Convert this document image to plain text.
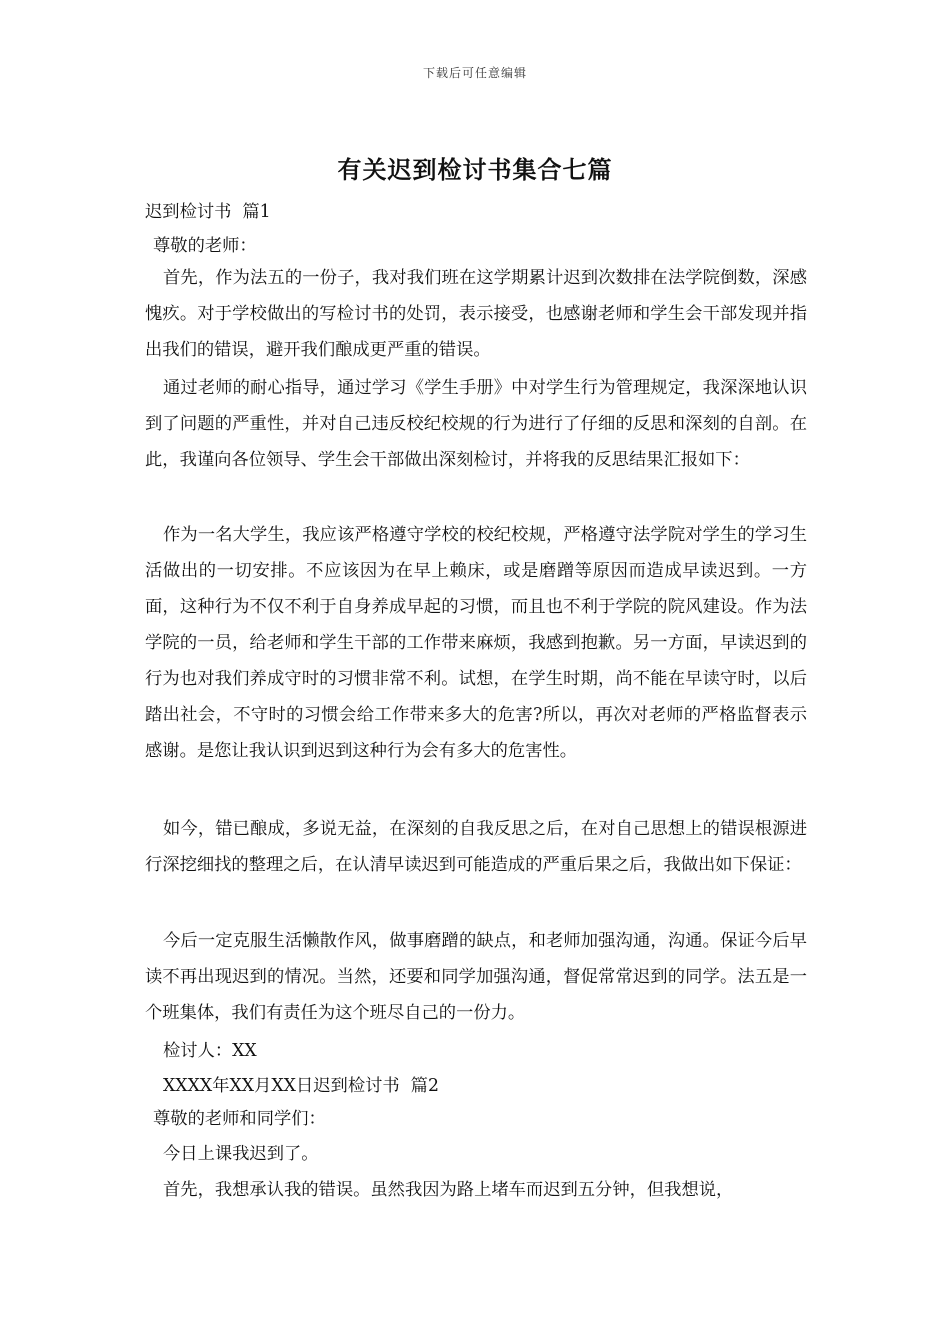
下载后可任意编辑
有关迟到检讨书集合七篇
迟到检讨书  篇1
尊敬的老师：
首先，作为法五的一份子，我对我们班在这学期累计迟到次数排在法学院倒数，深感愧疚。对于学校做出的写检讨书的处罚，表示接受，也感谢老师和学生会干部发现并指出我们的错误，避开我们酿成更严重的错误。
通过老师的耐心指导，通过学习《学生手册》中对学生行为管理规定，我深深地认识到了问题的严重性，并对自己违反校纪校规的行为进行了仔细的反思和深刻的自剖。在此，我谨向各位领导、学生会干部做出深刻检讨，并将我的反思结果汇报如下：
作为一名大学生，我应该严格遵守学校的校纪校规，严格遵守法学院对学生的学习生活做出的一切安排。不应该因为在早上赖床，或是磨蹭等原因而造成早读迟到。一方面，这种行为不仅不利于自身养成早起的习惯，而且也不利于学院的院风建设。作为法学院的一员，给老师和学生干部的工作带来麻烦，我感到抱歉。另一方面，早读迟到的行为也对我们养成守时的习惯非常不利。试想，在学生时期，尚不能在早读守时，以后踏出社会，不守时的习惯会给工作带来多大的危害?所以，再次对老师的严格监督表示感谢。是您让我认识到迟到这种行为会有多大的危害性。
如今，错已酿成，多说无益，在深刻的自我反思之后，在对自己思想上的错误根源进行深挖细找的整理之后，在认清早读迟到可能造成的严重后果之后，我做出如下保证：
今后一定克服生活懒散作风，做事磨蹭的缺点，和老师加强沟通，沟通。保证今后早读不再出现迟到的情况。当然，还要和同学加强沟通，督促常常迟到的同学。法五是一个班集体，我们有责任为这个班尽自己的一份力。
检讨人：XX
XXXX年XX月XX日迟到检讨书  篇2
尊敬的老师和同学们：
今日上课我迟到了。
首先，我想承认我的错误。虽然我因为路上堵车而迟到五分钟，但我想说，
